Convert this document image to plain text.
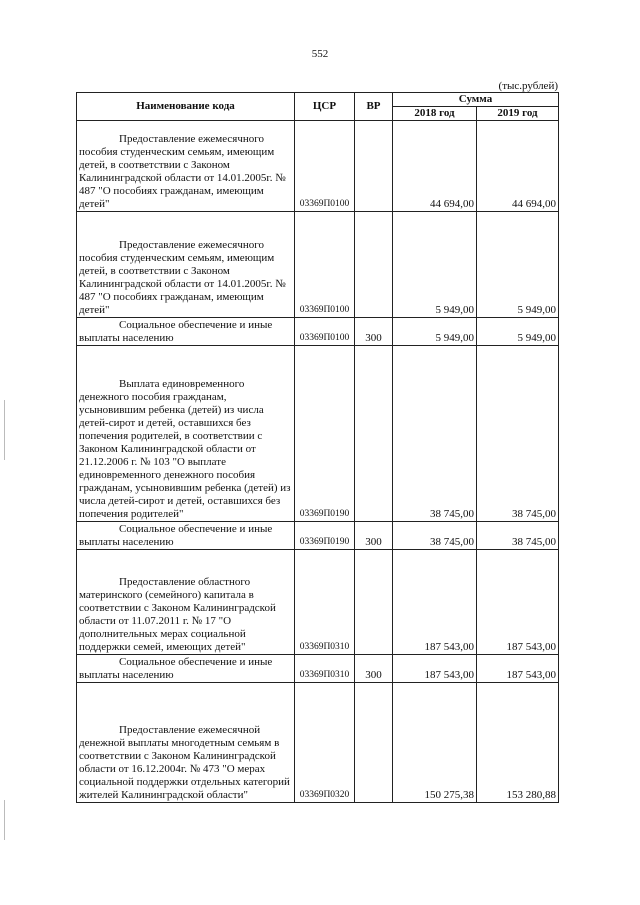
552
(тыс.рублей)
Наименование кода	ЦСР	ВР	Сумма	
			2018 год	2019 год

Предоставление ежемесячного пособия студенческим семьям, имеющим детей, в соответствии с Законом Калининградской области от 14.01.2005г. № 487 "О пособиях гражданам, имеющим детей"	03369П0100		44 694,00	44 694,00

Предоставление ежемесячного пособия студенческим семьям, имеющим детей, в соответствии с Законом Калининградской области от 14.01.2005г. № 487 "О пособиях гражданам, имеющим детей"	03369П0100		5 949,00	5 949,00

Социальное обеспечение и иные выплаты населению	03369П0100	300	5 949,00	5 949,00

Выплата единовременного денежного пособия гражданам, усыновившим ребенка (детей) из числа детей-сирот и детей, оставшихся без попечения родителей, в соответствии с Законом Калининградской области от 21.12.2006 г. № 103 "О выплате единовременного денежного пособия гражданам, усыновившим ребенка (детей) из числа детей-сирот и детей, оставшихся без попечения родителей"	03369П0190		38 745,00	38 745,00

Социальное обеспечение и иные выплаты населению	03369П0190	300	38 745,00	38 745,00

Предоставление областного материнского (семейного) капитала в соответствии с Законом Калининградской области от 11.07.2011 г. № 17 "О дополнительных мерах социальной поддержки семей, имеющих детей"	03369П0310		187 543,00	187 543,00

Социальное обеспечение и иные выплаты населению	03369П0310	300	187 543,00	187 543,00

Предоставление ежемесячной денежной выплаты многодетным семьям в соответствии с Законом Калининградской области от 16.12.2004г. № 473 "О мерах социальной поддержки отдельных категорий жителей Калининградской области"	03369П0320		150 275,38	153 280,88
